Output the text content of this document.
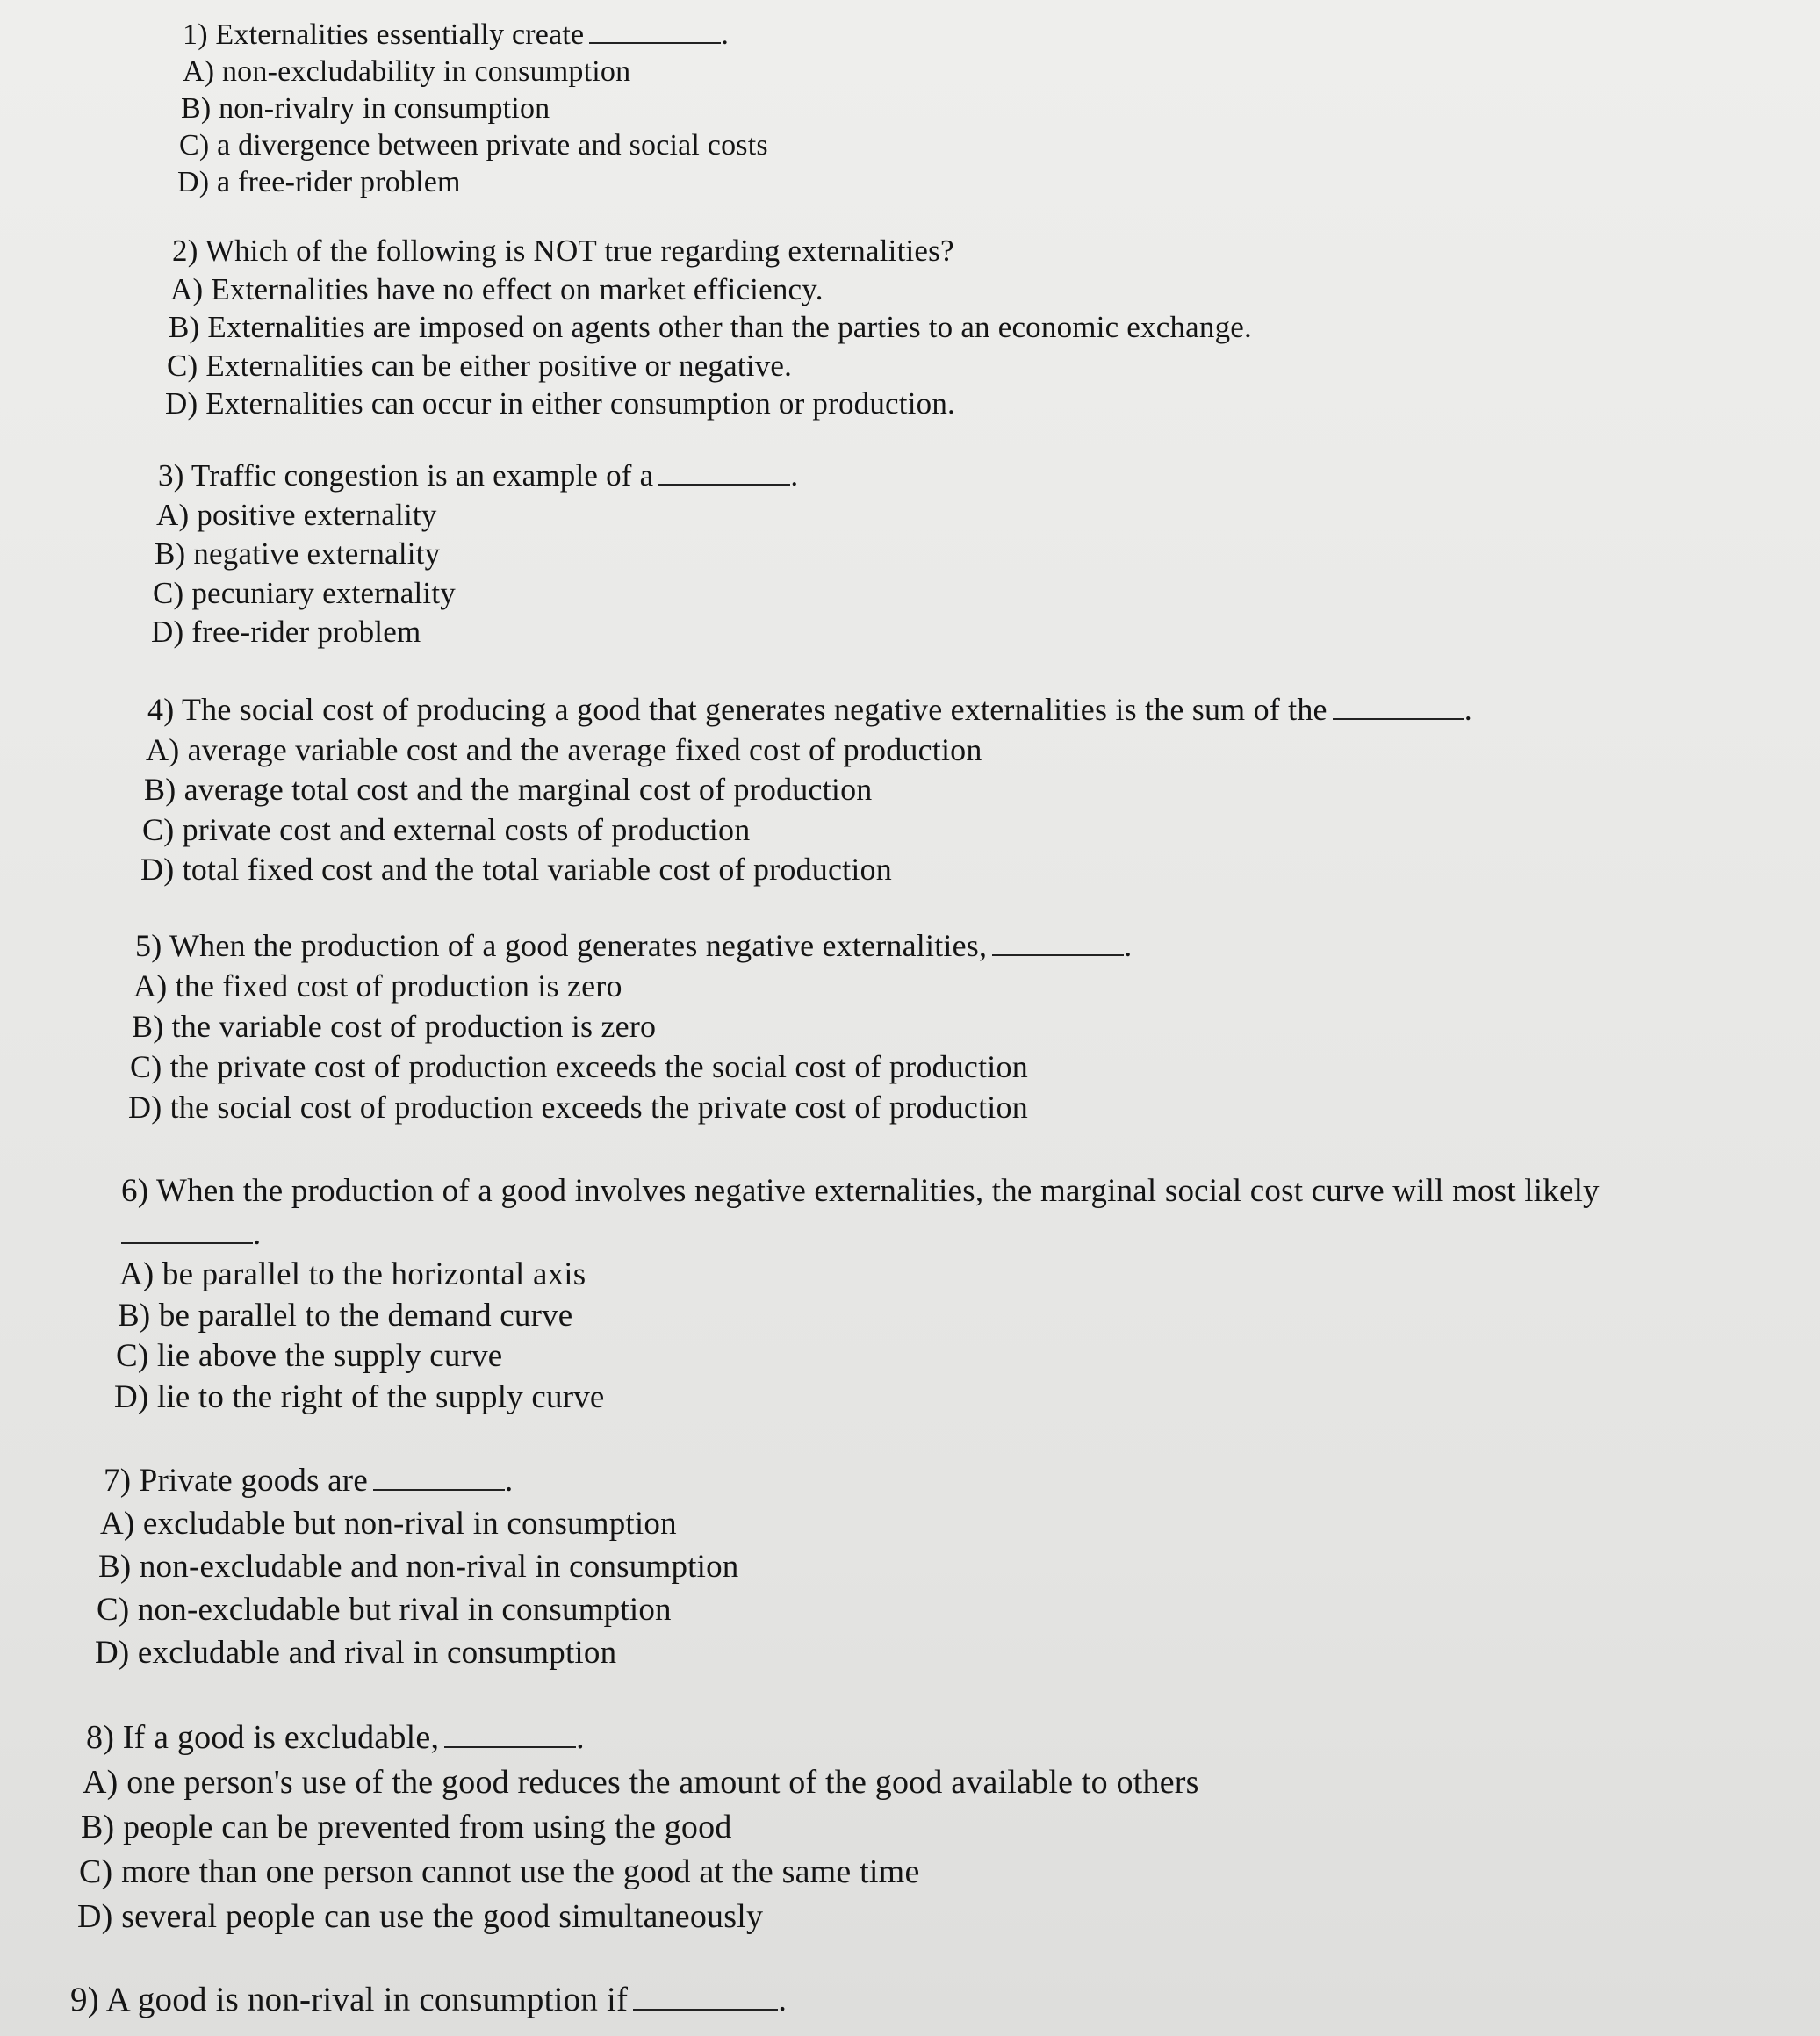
1) Externalities essentially create	.
A) non-excludability in consumption
B) non-rivalry in consumption
C) a divergence between private and social costs
D) a free-rider problem
2) Which of the following is NOT true regarding externalities?
A) Externalities have no effect on market efficiency.
B) Externalities are imposed on agents other than the parties to an economic exchange.
C) Externalities can be either positive or negative.
D) Externalities can occur in either consumption or production.
3) Traffic congestion is an example of a	.
A) positive externality
B) negative externality
C) pecuniary externality
D) free-rider problem
4) The social cost of producing a good that generates negative externalities is the sum of the	.
A) average variable cost and the average fixed cost of production
B) average total cost and the marginal cost of production
C) private cost and external costs of production
D) total fixed cost and the total variable cost of production
5) When the production of a good generates negative externalities,	.
A) the fixed cost of production is zero
B) the variable cost of production is zero
C) the private cost of production exceeds the social cost of production
D) the social cost of production exceeds the private cost of production
6) When the production of a good involves negative externalities, the marginal social cost curve will most likely
.
A) be parallel to the horizontal axis
B) be parallel to the demand curve
C) lie above the supply curve
D) lie to the right of the supply curve
7) Private goods are	.
A) excludable but non-rival in consumption
B) non-excludable and non-rival in consumption
C) non-excludable but rival in consumption
D) excludable and rival in consumption
8) If a good is excludable,	.
A) one person's use of the good reduces the amount of the good available to others
B) people can be prevented from using the good
C) more than one person cannot use the good at the same time
D) several people can use the good simultaneously
9) A good is non-rival in consumption if	.
